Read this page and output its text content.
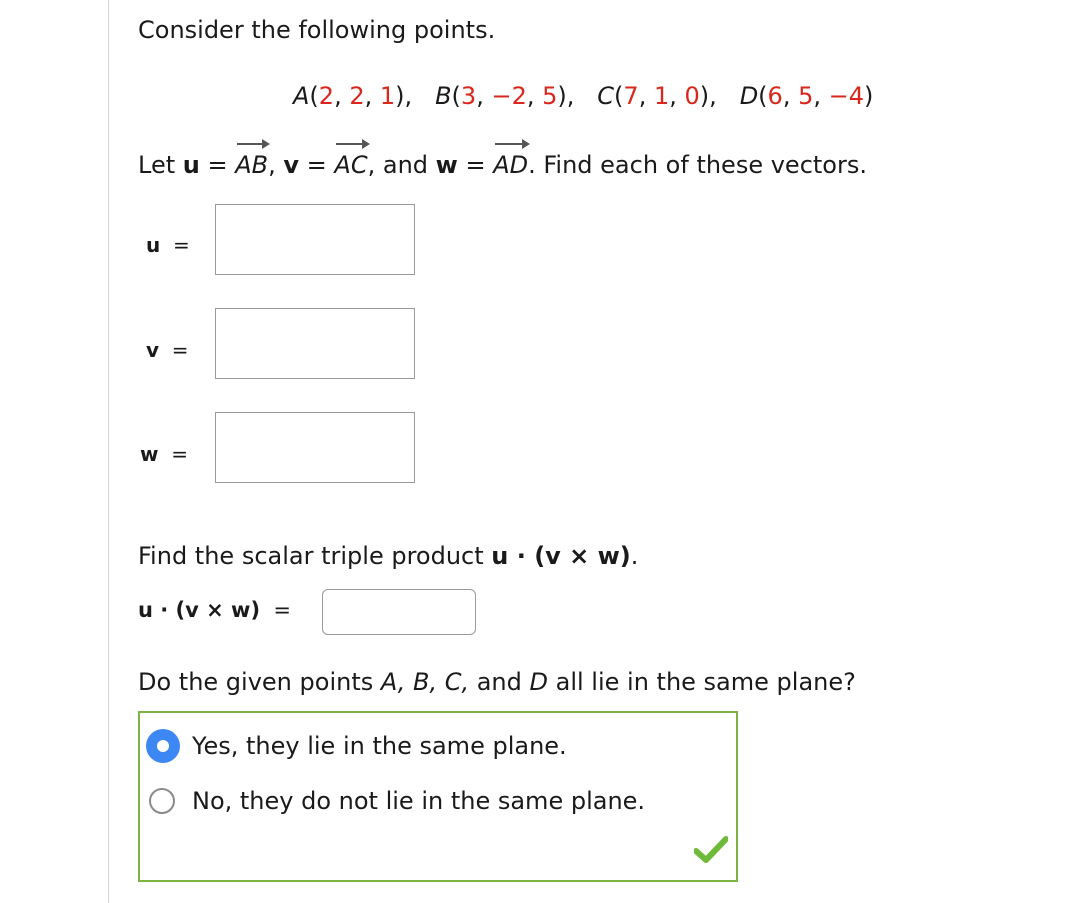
Consider the following points.
A(2, 2, 1),   B(3, −2, 5),   C(7, 1, 0),   D(6, 5, −4)
Let u = AB, v = AC, and w = AD. Find each of these vectors.
u =
v =
w =
Find the scalar triple product u · (v × w).
u · (v × w) =
Do the given points A, B, C, and D all lie in the same plane?
Yes, they lie in the same plane.
No, they do not lie in the same plane.
